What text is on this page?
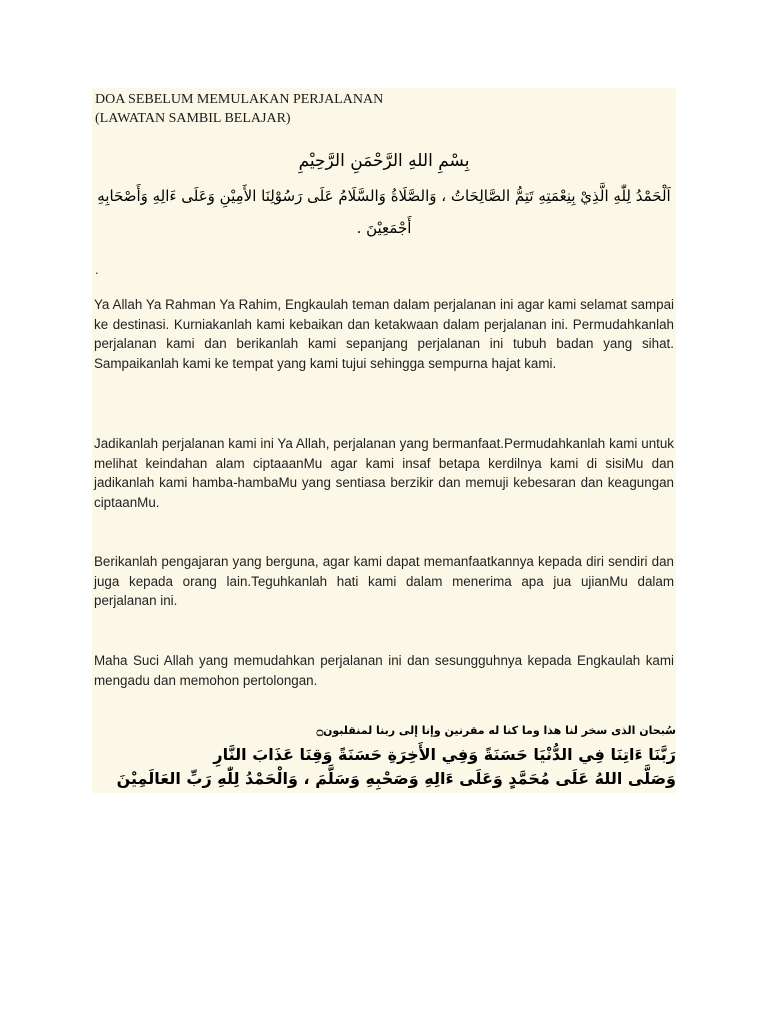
DOA SEBELUM MEMULAKAN PERJALANAN
(LAWATAN SAMBIL BELAJAR)
بِسْمِ اللهِ الرَّحْمَنِ الرَّحِيْمِ
اَلْحَمْدُ لِلّٰهِ الَّذِيْ بِنِعْمَتِهِ تَتِمُّ الصَّالِحَاتُ ، وَالصَّلَاةُ وَالسَّلَامُ عَلَى رَسُوْلِنَا الأَمِيْنِ وَعَلَى ءَالِهِ وَأَصْحَابِهِ أَجْمَعِيْنَ .
.
Ya Allah Ya Rahman Ya Rahim, Engkaulah teman dalam perjalanan ini agar kami selamat sampai ke destinasi. Kurniakanlah kami kebaikan dan ketakwaan dalam perjalanan ini. Permudahkanlah perjalanan kami dan berikanlah kami sepanjang perjalanan ini tubuh badan yang sihat. Sampaikanlah kami ke tempat yang kami tujui sehingga sempurna hajat kami.
Jadikanlah perjalanan kami ini Ya Allah, perjalanan yang bermanfaat.Permudahkanlah kami untuk melihat keindahan alam ciptaaanMu agar kami insaf betapa kerdilnya kami di sisiMu dan jadikanlah kami hamba-hambaMu yang sentiasa berzikir dan memuji kebesaran dan keagungan ciptaanMu.
Berikanlah pengajaran yang berguna, agar kami dapat memanfaatkannya kepada diri sendiri dan juga kepada orang lain.Teguhkanlah hati kami dalam menerima apa jua ujianMu dalam perjalanan ini.
Maha Suci Allah yang memudahkan perjalanan ini dan sesungguhnya kepada Engkaulah kami mengadu dan memohon pertolongan.
سُبحان الذى سخر لنا هذا وما كنا له مقرنين وإنا إلى ربنا لمنقلبون۝
رَبَّنَا ءَاتِنَا فِي الدُّنْيَا حَسَنَةً وَفِي الأَخِرَةِ حَسَنَةً وَقِنَا عَذَابَ النَّارِ
وَصَلَّى اللهُ عَلَى مُحَمَّدٍ وَعَلَى ءَالِهِ وَصَحْبِهِ وَسَلَّمَ ، وَالْحَمْدُ لِلّٰهِ رَبِّ العَالَمِيْنَ
